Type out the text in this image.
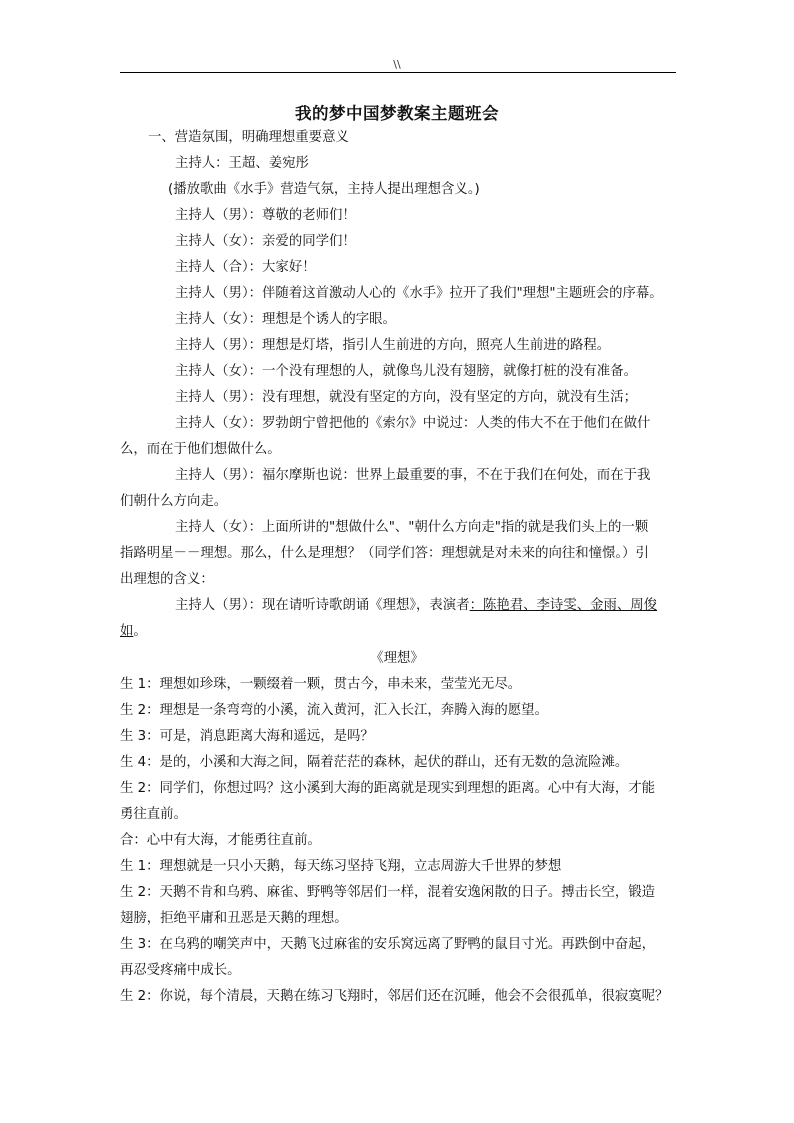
\\
我的梦中国梦教案主题班会
一、营造氛围，明确理想重要意义
主持人：王超、姜宛彤
(播放歌曲《水手》营造气氛，主持人提出理想含义。)
主持人（男）：尊敬的老师们！
主持人（女）：亲爱的同学们！
主持人（合）：大家好！
主持人（男）：伴随着这首激动人心的《水手》拉开了我们"理想"主题班会的序幕。
主持人（女）：理想是个诱人的字眼。
主持人（男）：理想是灯塔，指引人生前进的方向，照亮人生前进的路程。
主持人（女）：一个没有理想的人，就像鸟儿没有翅膀，就像打桩的没有准备。
主持人（男）：没有理想，就没有坚定的方向，没有坚定的方向，就没有生活；
主持人（女）：罗勃朗宁曾把他的《索尔》中说过：人类的伟大不在于他们在做什
么，而在于他们想做什么。
主持人（男）：福尔摩斯也说：世界上最重要的事，不在于我们在何处，而在于我
们朝什么方向走。
主持人（女）：上面所讲的"想做什么"、"朝什么方向走"指的就是我们头上的一颗
指路明星－－理想。那么，什么是理想？（同学们答：理想就是对未来的向往和憧憬。）引
出理想的含义：
主持人（男）：现在请听诗歌朗诵《理想》，表演者：陈艳君、李诗雯、金雨、周俊
如。
《理想》
生 1：理想如珍珠，一颗缀着一颗，贯古今，串未来，莹莹光无尽。
生 2：理想是一条弯弯的小溪，流入黄河，汇入长江，奔腾入海的愿望。
生 3：可是，消息距离大海和遥远，是吗？
生 4：是的，小溪和大海之间，隔着茫茫的森林，起伏的群山，还有无数的急流险滩。
生 2：同学们，你想过吗？这小溪到大海的距离就是现实到理想的距离。心中有大海，才能
勇往直前。
合：心中有大海，才能勇往直前。
生 1：理想就是一只小天鹅，每天练习坚持飞翔，立志周游大千世界的梦想
生 2：天鹅不肯和乌鸦、麻雀、野鸭等邻居们一样，混着安逸闲散的日子。搏击长空，锻造
翅膀，拒绝平庸和丑恶是天鹅的理想。
生 3：在乌鸦的嘲笑声中，天鹅飞过麻雀的安乐窝远离了野鸭的鼠目寸光。再跌倒中奋起，
再忍受疼痛中成长。
生 2：你说，每个清晨，天鹅在练习飞翔时，邻居们还在沉睡，他会不会很孤单，很寂寞呢？
